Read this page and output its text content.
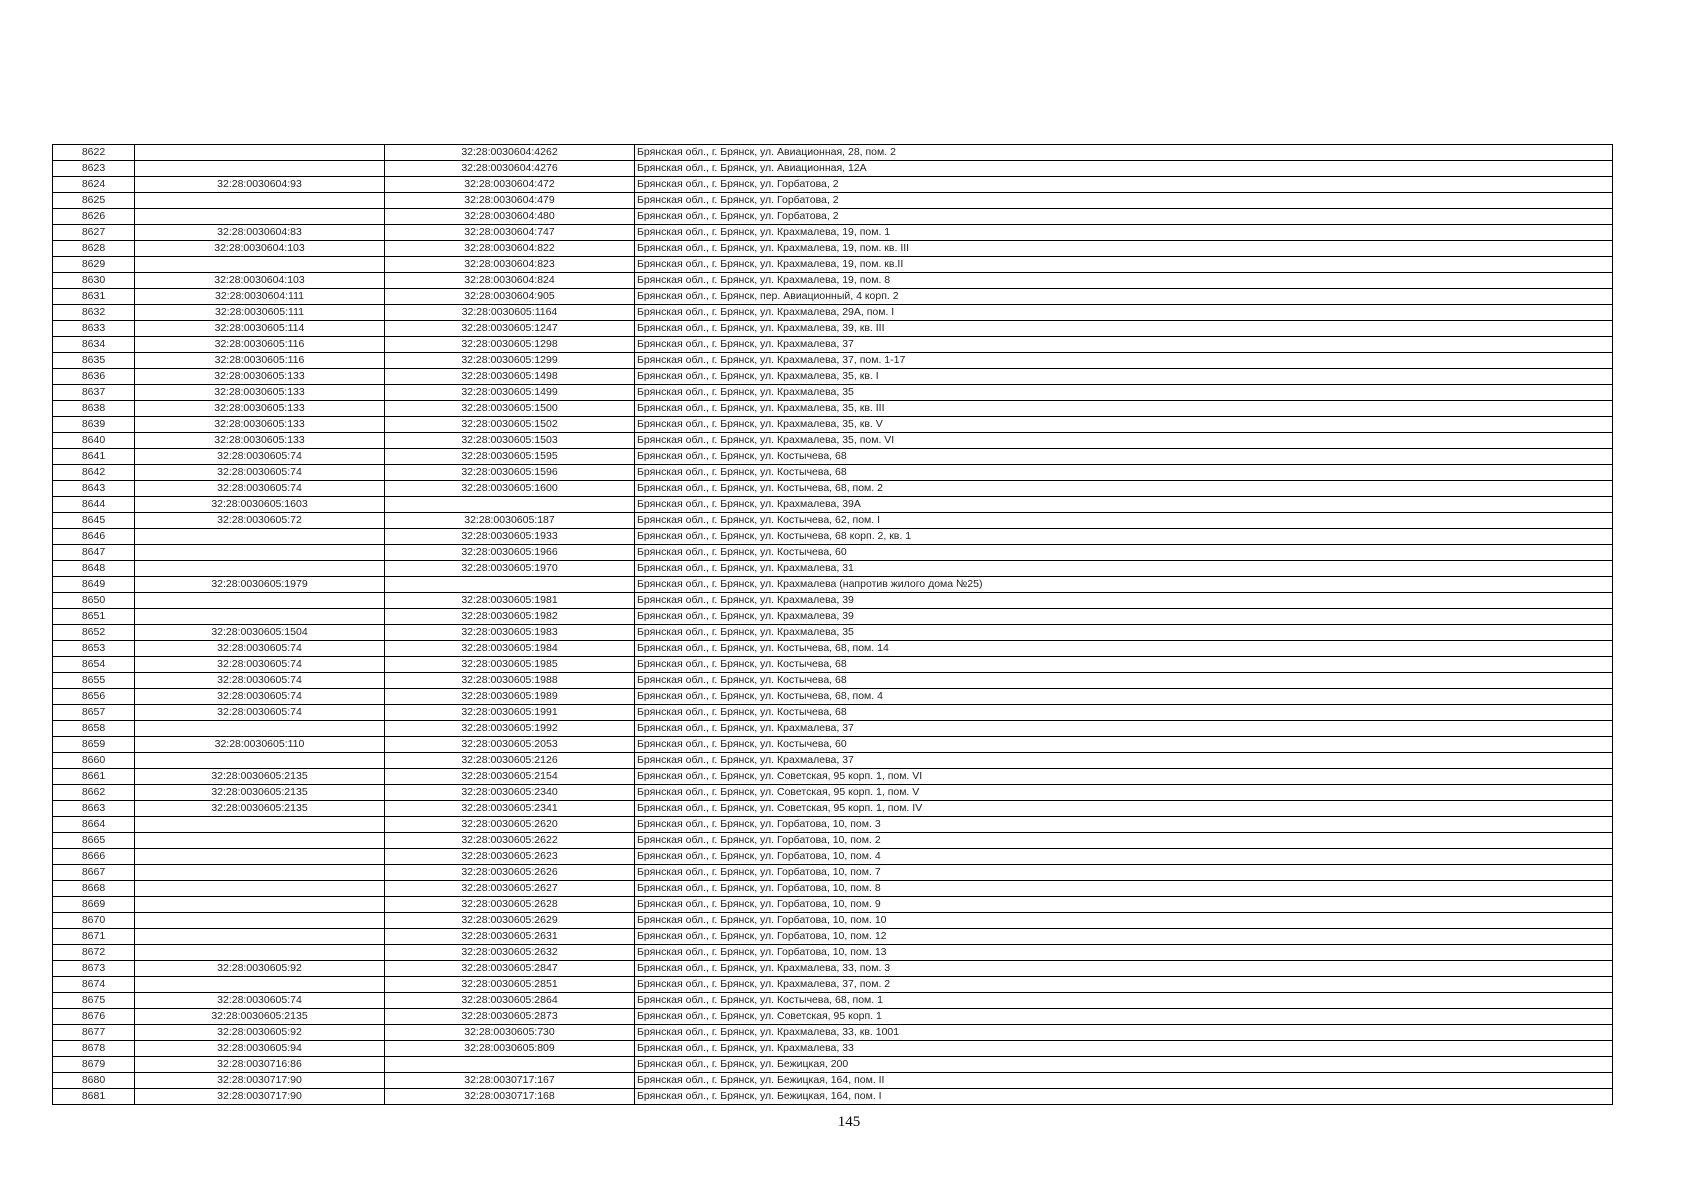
8622		32:28:0030604:4262	Брянская обл., г. Брянск, ул. Авиационная, 28, пом. 2
8623		32:28:0030604:4276	Брянская обл., г. Брянск, ул. Авиационная, 12А
8624	32:28:0030604:93	32:28:0030604:472	Брянская обл., г. Брянск, ул. Горбатова, 2
8625		32:28:0030604:479	Брянская обл., г. Брянск, ул. Горбатова, 2
8626		32:28:0030604:480	Брянская обл., г. Брянск, ул. Горбатова, 2
8627	32:28:0030604:83	32:28:0030604:747	Брянская обл., г. Брянск, ул. Крахмалева, 19, пом. 1
8628	32:28:0030604:103	32:28:0030604:822	Брянская обл., г. Брянск, ул. Крахмалева, 19, пом. кв. III
8629		32:28:0030604:823	Брянская обл., г. Брянск, ул. Крахмалева, 19, пом. кв.II
8630	32:28:0030604:103	32:28:0030604:824	Брянская обл., г. Брянск, ул. Крахмалева, 19, пом. 8
8631	32:28:0030604:111	32:28:0030604:905	Брянская обл., г. Брянск, пер. Авиационный, 4 корп. 2
8632	32:28:0030605:111	32:28:0030605:1164	Брянская обл., г. Брянск, ул. Крахмалева, 29А, пом. I
8633	32:28:0030605:114	32:28:0030605:1247	Брянская обл., г. Брянск, ул. Крахмалева, 39, кв. III
8634	32:28:0030605:116	32:28:0030605:1298	Брянская обл., г. Брянск, ул. Крахмалева, 37
8635	32:28:0030605:116	32:28:0030605:1299	Брянская обл., г. Брянск, ул. Крахмалева, 37, пом. 1-17
8636	32:28:0030605:133	32:28:0030605:1498	Брянская обл., г. Брянск, ул. Крахмалева, 35, кв. I
8637	32:28:0030605:133	32:28:0030605:1499	Брянская обл., г. Брянск, ул. Крахмалева, 35
8638	32:28:0030605:133	32:28:0030605:1500	Брянская обл., г. Брянск, ул. Крахмалева, 35, кв. III
8639	32:28:0030605:133	32:28:0030605:1502	Брянская обл., г. Брянск, ул. Крахмалева, 35, кв. V
8640	32:28:0030605:133	32:28:0030605:1503	Брянская обл., г. Брянск, ул. Крахмалева, 35, пом. VI
8641	32:28:0030605:74	32:28:0030605:1595	Брянская обл., г. Брянск, ул. Костычева, 68
8642	32:28:0030605:74	32:28:0030605:1596	Брянская обл., г. Брянск, ул. Костычева, 68
8643	32:28:0030605:74	32:28:0030605:1600	Брянская обл., г. Брянск, ул. Костычева, 68, пом. 2
8644	32:28:0030605:1603		Брянская обл., г. Брянск, ул. Крахмалева, 39А
8645	32:28:0030605:72	32:28:0030605:187	Брянская обл., г. Брянск, ул. Костычева, 62, пом. I
8646		32:28:0030605:1933	Брянская обл., г. Брянск, ул. Костычева, 68 корп. 2, кв. 1
8647		32:28:0030605:1966	Брянская обл., г. Брянск, ул. Костычева, 60
8648		32:28:0030605:1970	Брянская обл., г. Брянск, ул. Крахмалева, 31
8649	32:28:0030605:1979		Брянская обл., г. Брянск, ул. Крахмалева (напротив жилого дома №25)
8650		32:28:0030605:1981	Брянская обл., г. Брянск, ул. Крахмалева, 39
8651		32:28:0030605:1982	Брянская обл., г. Брянск, ул. Крахмалева, 39
8652	32:28:0030605:1504	32:28:0030605:1983	Брянская обл., г. Брянск, ул. Крахмалева, 35
8653	32:28:0030605:74	32:28:0030605:1984	Брянская обл., г. Брянск, ул. Костычева, 68, пом. 14
8654	32:28:0030605:74	32:28:0030605:1985	Брянская обл., г. Брянск, ул. Костычева, 68
8655	32:28:0030605:74	32:28:0030605:1988	Брянская обл., г. Брянск, ул. Костычева, 68
8656	32:28:0030605:74	32:28:0030605:1989	Брянская обл., г. Брянск, ул. Костычева, 68, пом. 4
8657	32:28:0030605:74	32:28:0030605:1991	Брянская обл., г. Брянск, ул. Костычева, 68
8658		32:28:0030605:1992	Брянская обл., г. Брянск, ул. Крахмалева, 37
8659	32:28:0030605:110	32:28:0030605:2053	Брянская обл., г. Брянск, ул. Костычева, 60
8660		32:28:0030605:2126	Брянская обл., г. Брянск, ул. Крахмалева, 37
8661	32:28:0030605:2135	32:28:0030605:2154	Брянская обл., г. Брянск, ул. Советская, 95 корп. 1, пом. VI
8662	32:28:0030605:2135	32:28:0030605:2340	Брянская обл., г. Брянск, ул. Советская, 95 корп. 1, пом. V
8663	32:28:0030605:2135	32:28:0030605:2341	Брянская обл., г. Брянск, ул. Советская, 95 корп. 1, пом. IV
8664		32:28:0030605:2620	Брянская обл., г. Брянск, ул. Горбатова, 10, пом. 3
8665		32:28:0030605:2622	Брянская обл., г. Брянск, ул. Горбатова, 10, пом. 2
8666		32:28:0030605:2623	Брянская обл., г. Брянск, ул. Горбатова, 10, пом. 4
8667		32:28:0030605:2626	Брянская обл., г. Брянск, ул. Горбатова, 10, пом. 7
8668		32:28:0030605:2627	Брянская обл., г. Брянск, ул. Горбатова, 10, пом. 8
8669		32:28:0030605:2628	Брянская обл., г. Брянск, ул. Горбатова, 10, пом. 9
8670		32:28:0030605:2629	Брянская обл., г. Брянск, ул. Горбатова, 10, пом. 10
8671		32:28:0030605:2631	Брянская обл., г. Брянск, ул. Горбатова, 10, пом. 12
8672		32:28:0030605:2632	Брянская обл., г. Брянск, ул. Горбатова, 10, пом. 13
8673	32:28:0030605:92	32:28:0030605:2847	Брянская обл., г. Брянск, ул. Крахмалева, 33, пом. 3
8674		32:28:0030605:2851	Брянская обл., г. Брянск, ул. Крахмалева, 37, пом. 2
8675	32:28:0030605:74	32:28:0030605:2864	Брянская обл., г. Брянск, ул. Костычева, 68, пом. 1
8676	32:28:0030605:2135	32:28:0030605:2873	Брянская обл., г. Брянск, ул. Советская, 95 корп. 1
8677	32:28:0030605:92	32:28:0030605:730	Брянская обл., г. Брянск, ул. Крахмалева, 33, кв. 1001
8678	32:28:0030605:94	32:28:0030605:809	Брянская обл., г. Брянск, ул. Крахмалева, 33
8679	32:28:0030716:86		Брянская обл., г. Брянск, ул. Бежицкая, 200
8680	32:28:0030717:90	32:28:0030717:167	Брянская обл., г. Брянск, ул. Бежицкая, 164, пом. II
8681	32:28:0030717:90	32:28:0030717:168	Брянская обл., г. Брянск, ул. Бежицкая, 164, пом. I
145
